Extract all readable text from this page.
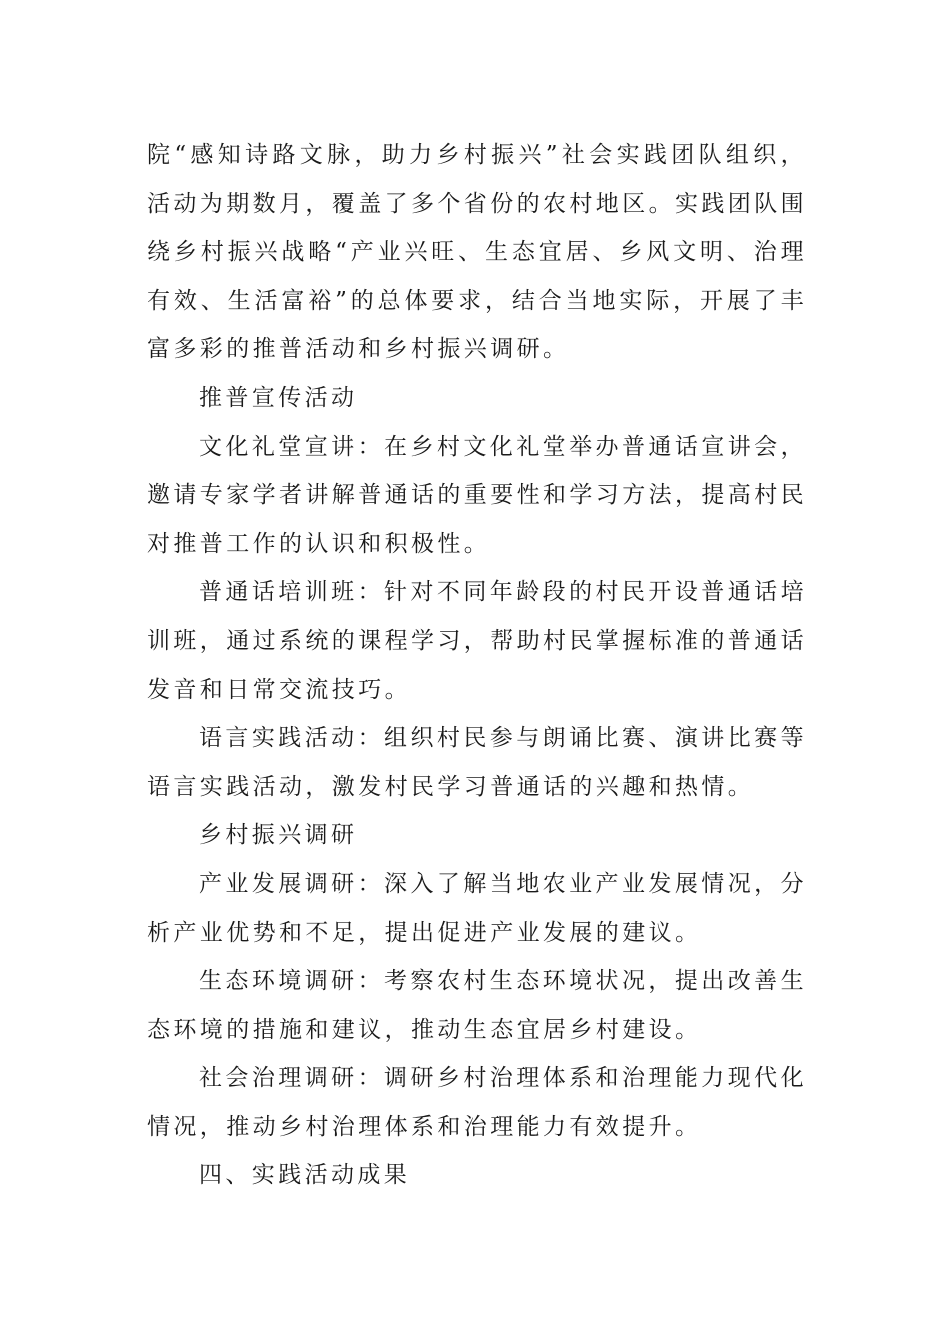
院“感知诗路文脉，助力乡村振兴”社会实践团队组织，活动为期数月，覆盖了多个省份的农村地区。实践团队围绕乡村振兴战略“产业兴旺、生态宜居、乡风文明、治理有效、生活富裕”的总体要求，结合当地实际，开展了丰富多彩的推普活动和乡村振兴调研。

推普宣传活动

文化礼堂宣讲：在乡村文化礼堂举办普通话宣讲会，邀请专家学者讲解普通话的重要性和学习方法，提高村民对推普工作的认识和积极性。

普通话培训班：针对不同年龄段的村民开设普通话培训班，通过系统的课程学习，帮助村民掌握标准的普通话发音和日常交流技巧。

语言实践活动：组织村民参与朗诵比赛、演讲比赛等语言实践活动，激发村民学习普通话的兴趣和热情。

乡村振兴调研

产业发展调研：深入了解当地农业产业发展情况，分析产业优势和不足，提出促进产业发展的建议。

生态环境调研：考察农村生态环境状况，提出改善生态环境的措施和建议，推动生态宜居乡村建设。

社会治理调研：调研乡村治理体系和治理能力现代化情况，推动乡村治理体系和治理能力有效提升。

四、实践活动成果
